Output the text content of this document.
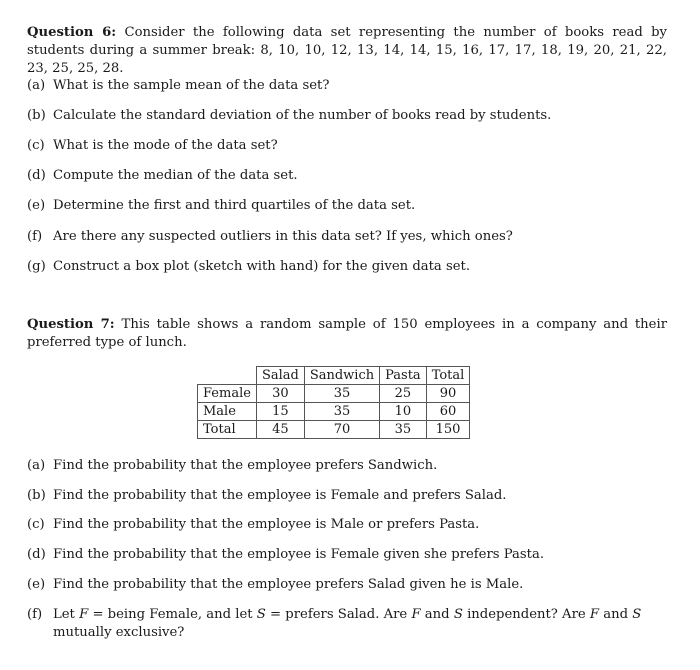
Question 6: Consider the following data set representing the number of books read by students during a summer break: 8, 10, 10, 12, 13, 14, 14, 15, 16, 17, 17, 18, 19, 20, 21, 22, 23, 25, 25, 28.
(a) What is the sample mean of the data set?
(b) Calculate the standard deviation of the number of books read by students.
(c) What is the mode of the data set?
(d) Compute the median of the data set.
(e) Determine the first and third quartiles of the data set.
(f) Are there any suspected outliers in this data set? If yes, which ones?
(g) Construct a box plot (sketch with hand) for the given data set.
Question 7: This table shows a random sample of 150 employees in a company and their preferred type of lunch.
	Salad	Sandwich	Pasta	Total
Female	30	35	25	90
Male	15	35	10	60
Total	45	70	35	150
(a) Find the probability that the employee prefers Sandwich.
(b) Find the probability that the employee is Female and prefers Salad.
(c) Find the probability that the employee is Male or prefers Pasta.
(d) Find the probability that the employee is Female given she prefers Pasta.
(e) Find the probability that the employee prefers Salad given he is Male.
(f) Let F = being Female, and let S = prefers Salad. Are F and S independent? Are F and S mutually exclusive?
